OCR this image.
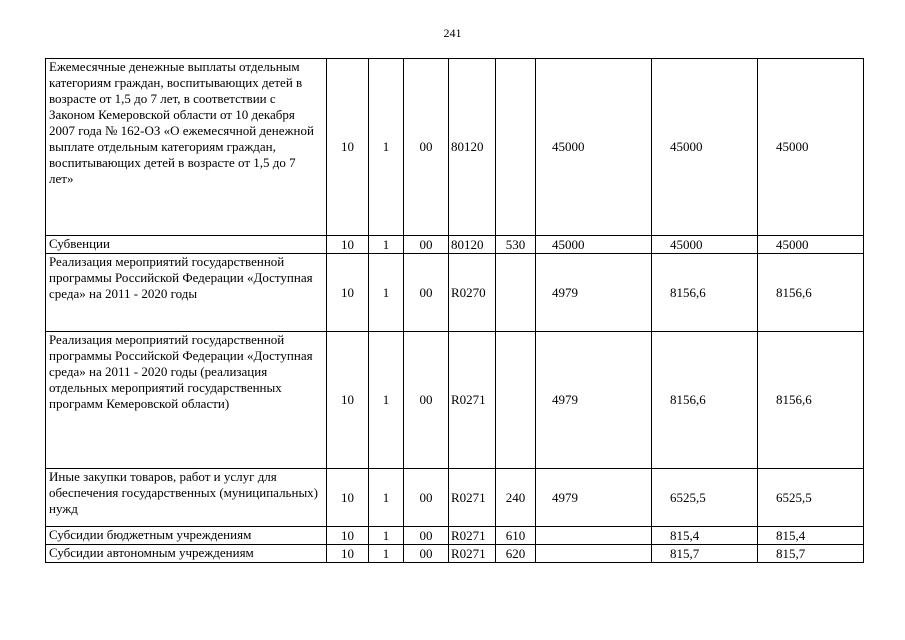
241
Ежемесячные денежные выплаты отдельным категориям граждан, воспитывающих детей в возрасте от 1,5 до 7 лет, в соответствии с Законом Кемеровской области от 10 декабря 2007 года № 162-ОЗ «О ежемесячной денежной выплате отдельным категориям граждан, воспитывающих детей в возрасте от 1,5 до 7 лет»	10	1	00	80120		45000	45000	45000
Субвенции	10	1	00	80120	530	45000	45000	45000
Реализация мероприятий государственной программы Российской Федерации «Доступная среда» на 2011 - 2020 годы	10	1	00	R0270		4979	8156,6	8156,6
Реализация мероприятий государственной программы Российской Федерации «Доступная среда» на 2011 - 2020 годы (реализация отдельных мероприятий государственных программ Кемеровской области)	10	1	00	R0271		4979	8156,6	8156,6
Иные закупки товаров, работ и услуг для обеспечения государственных (муниципальных) нужд	10	1	00	R0271	240	4979	6525,5	6525,5
Субсидии бюджетным учреждениям	10	1	00	R0271	610		815,4	815,4
Субсидии автономным учреждениям	10	1	00	R0271	620		815,7	815,7
